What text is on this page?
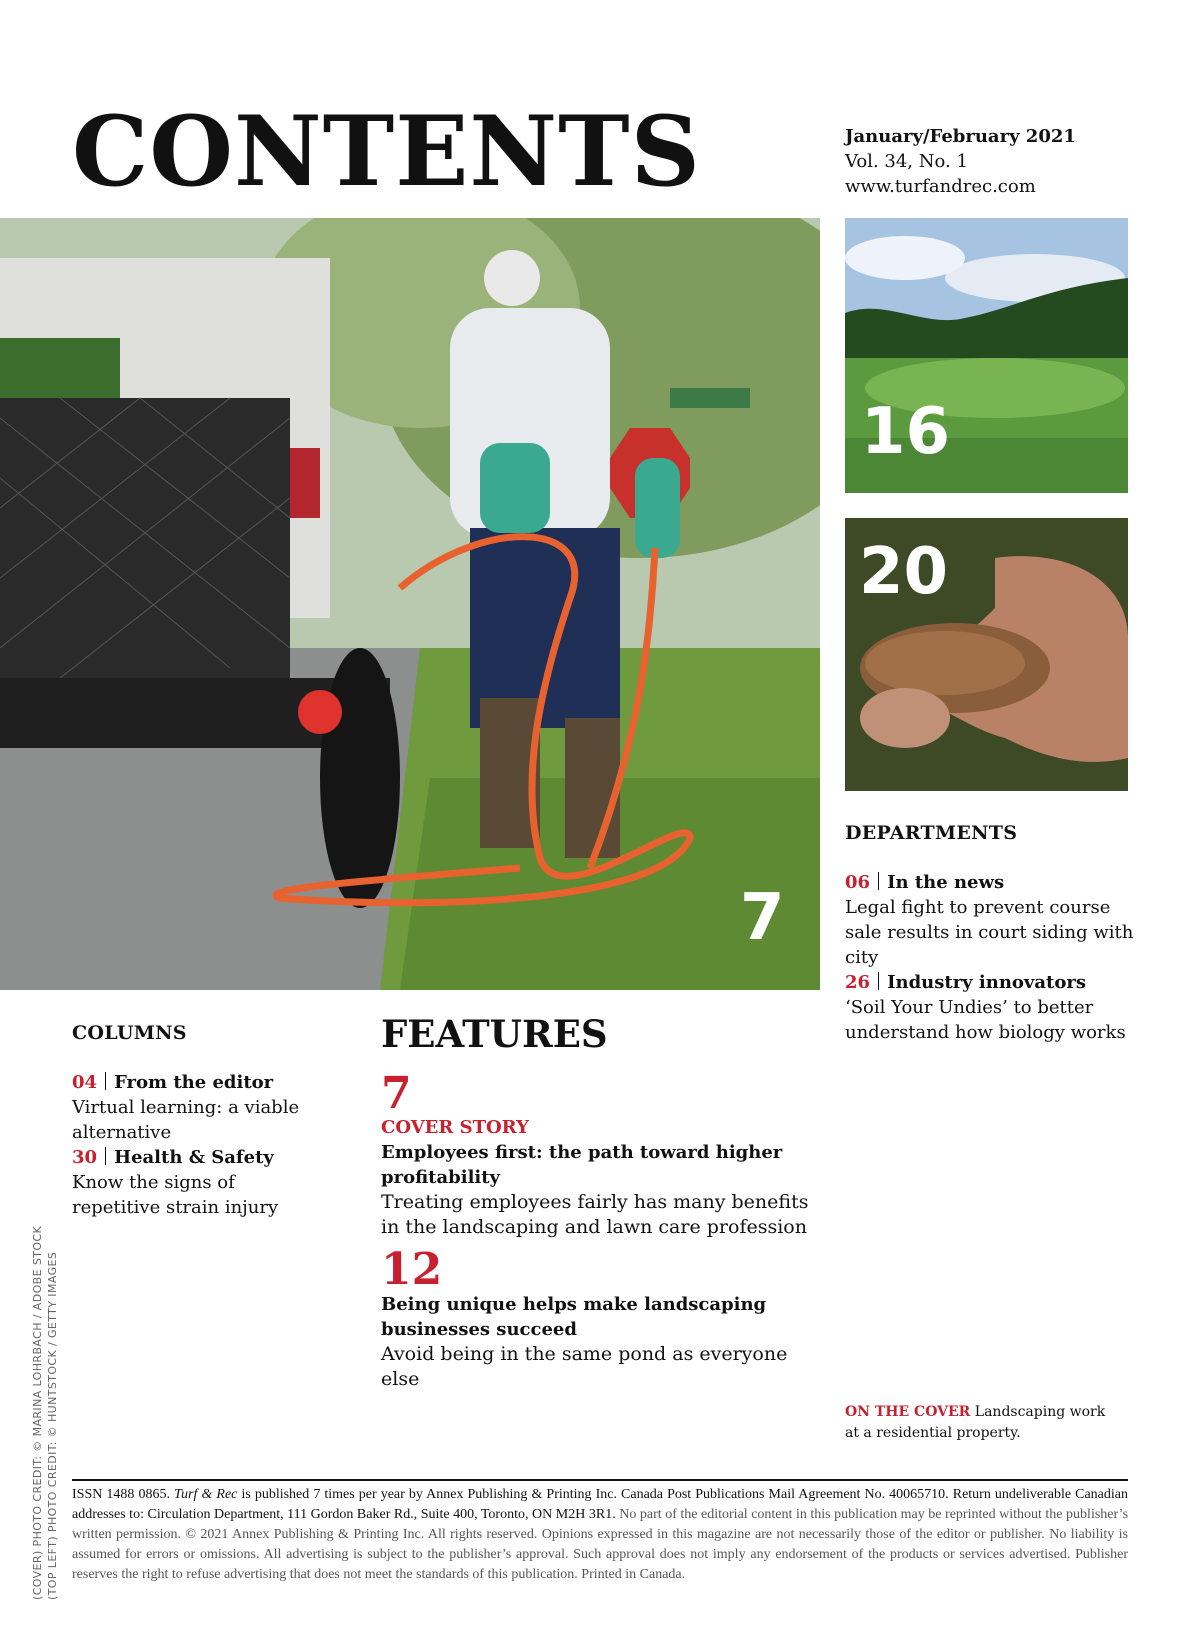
CONTENTS	January/February 2021
Vol. 34, No. 1
www.turfandrec.com
7
16
20
DEPARTMENTS
06 In the news
Legal fight to prevent course sale results in court siding with city
26 Industry innovators
‘Soil Your Undies’ to better understand how biology works
COLUMNS
04 From the editor
Virtual learning: a viable alternative
30 Health & Safety
Know the signs of repetitive strain injury
FEATURES
7
COVER STORY
Employees first: the path toward higher profitability
Treating employees fairly has many benefits in the landscaping and lawn care profession
12
Being unique helps make landscaping businesses succeed
Avoid being in the same pond as everyone else
ON THE COVER Landscaping work at a residential property.
ISSN 1488 0865. Turf & Rec is published 7 times per year by Annex Publishing & Printing Inc. Canada Post Publications Mail Agreement No. 40065710. Return undeliverable Canadian addresses to: Circulation Department, 111 Gordon Baker Rd., Suite 400, Toronto, ON M2H 3R1. No part of the editorial content in this publication may be reprinted without the publisher’s written permission. © 2021 Annex Publishing & Printing Inc. All rights reserved. Opinions expressed in this magazine are not necessarily those of the editor or publisher. No liability is assumed for errors or omissions. All advertising is subject to the publisher’s approval. Such approval does not imply any endorsement of the products or services advertised. Publisher reserves the right to refuse advertising that does not meet the standards of this publication. Printed in Canada.
(COVER) PHOTO CREDIT: © MARINA LOHRBACH / ADOBE STOCK (TOP LEFT) PHOTO CREDIT: © HUNTSTOCK / GETTY IMAGES
